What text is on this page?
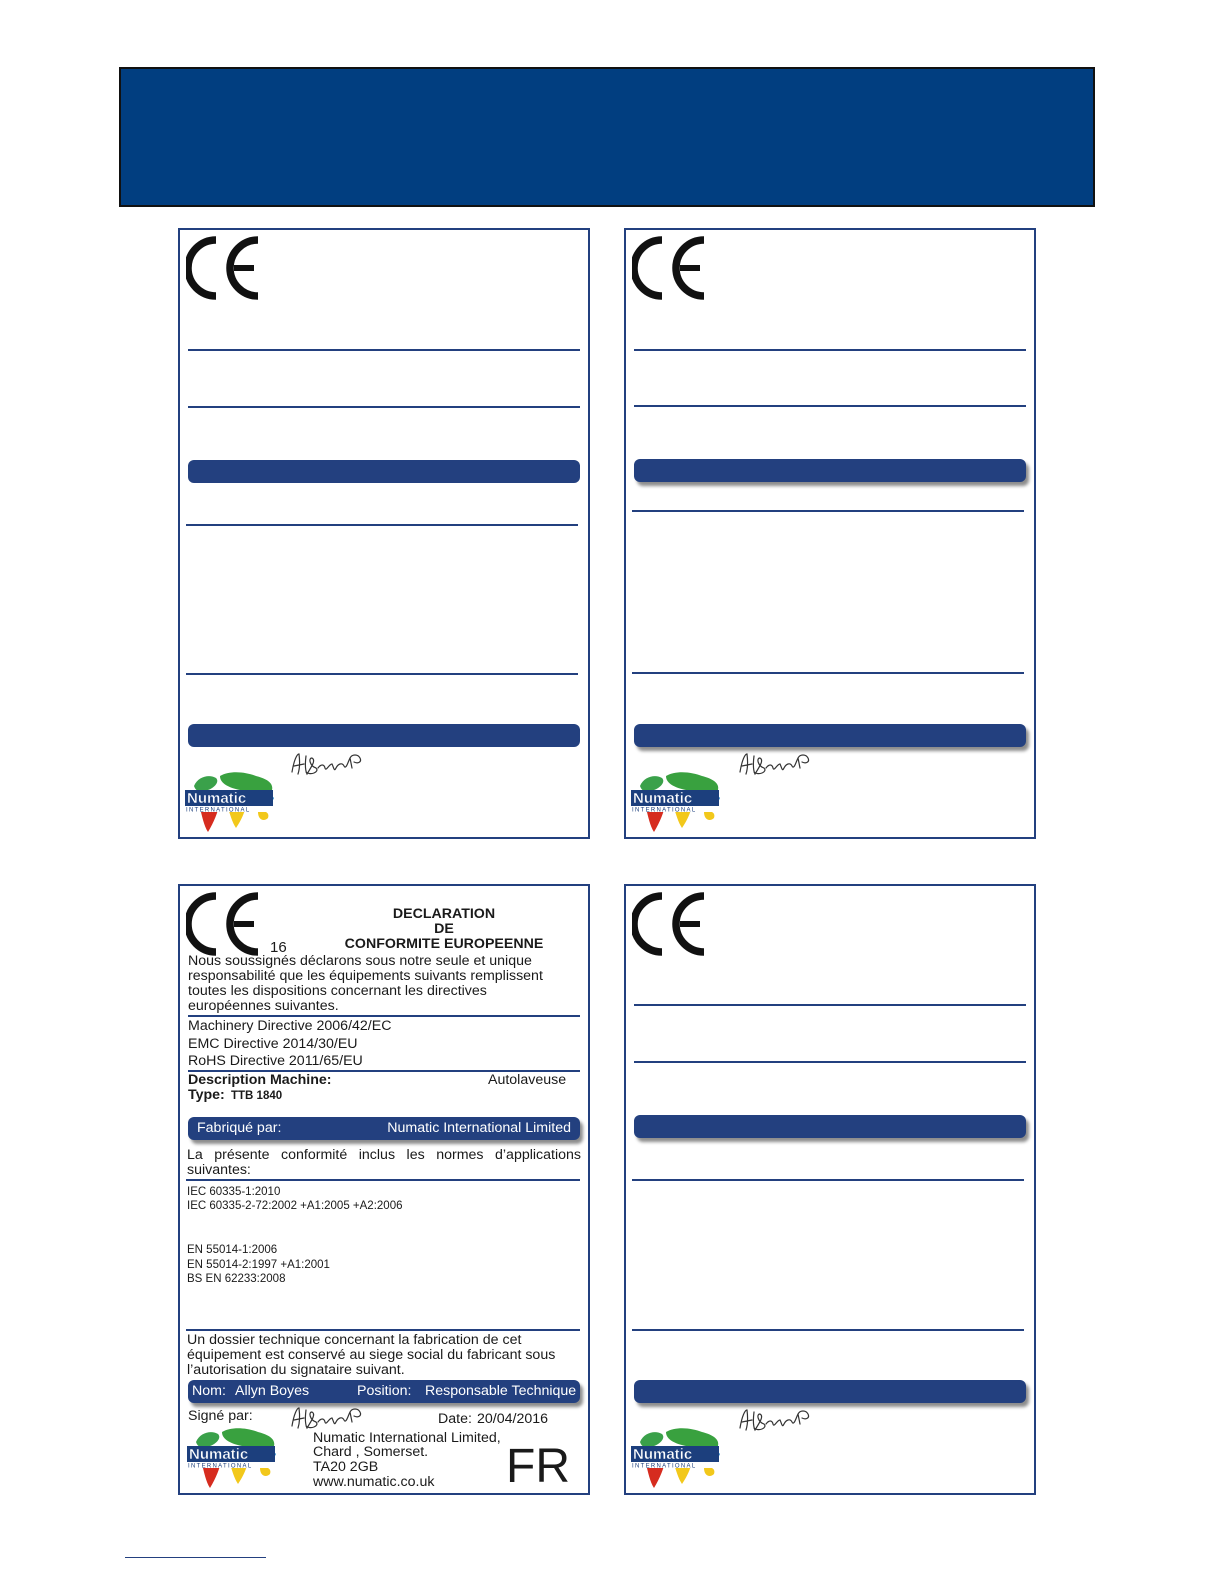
16
DECLARATION
DE
CONFORMITE EUROPEENNE
Nous soussignés déclarons sous notre seule et unique
responsabilité que les équipements suivants remplissent
toutes les dispositions concernant les directives
européennes suivantes.
Machinery Directive 2006/42/EC
EMC Directive 2014/30/EU
RoHS Directive 2011/65/EU
Description Machine:	Autolaveuse
Type: TTB 1840
Fabriqué par:	Numatic International Limited
La présente conformité inclus les normes d’applications
suivantes:
IEC 60335-1:2010
IEC 60335-2-72:2002 +A1:2005 +A2:2006
EN 55014-1:2006
EN 55014-2:1997 +A1:2001
BS EN 62233:2008
Un dossier technique concernant la fabrication de cet
équipement est conservé au siege social du fabricant sous
l’autorisation du signataire suivant.
Nom: Allyn Boyes	Position: Responsable Technique
Signé par:	Date: 20/04/2016
Numatic International Limited,
Chard , Somerset.
TA20 2GB
www.numatic.co.uk FR
